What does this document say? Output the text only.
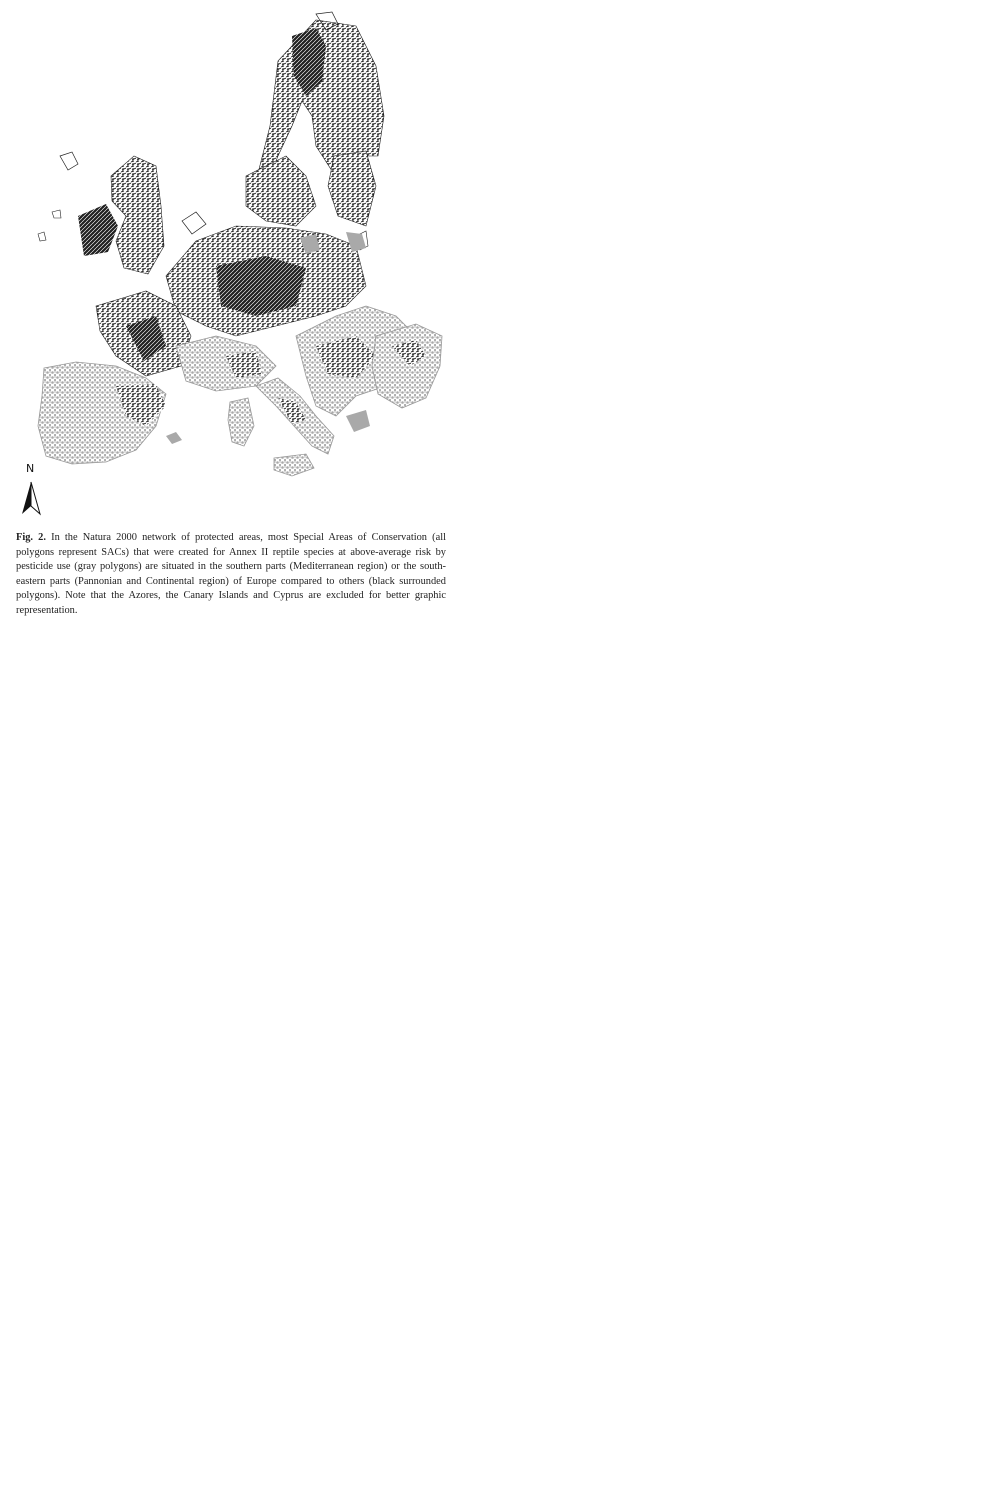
N

Fig. 2. In the Natura 2000 network of protected areas, most Special Areas of Conservation (all polygons represent SACs) that were created for Annex II reptile species at above-average risk by pesticide use (gray polygons) are situated in the southern parts (Mediterranean region) or the south-eastern parts (Pannonian and Continental region) of Europe compared to others (black surrounded polygons). Note that the Azores, the Canary Islands and Cyprus are excluded for better graphic representation.
